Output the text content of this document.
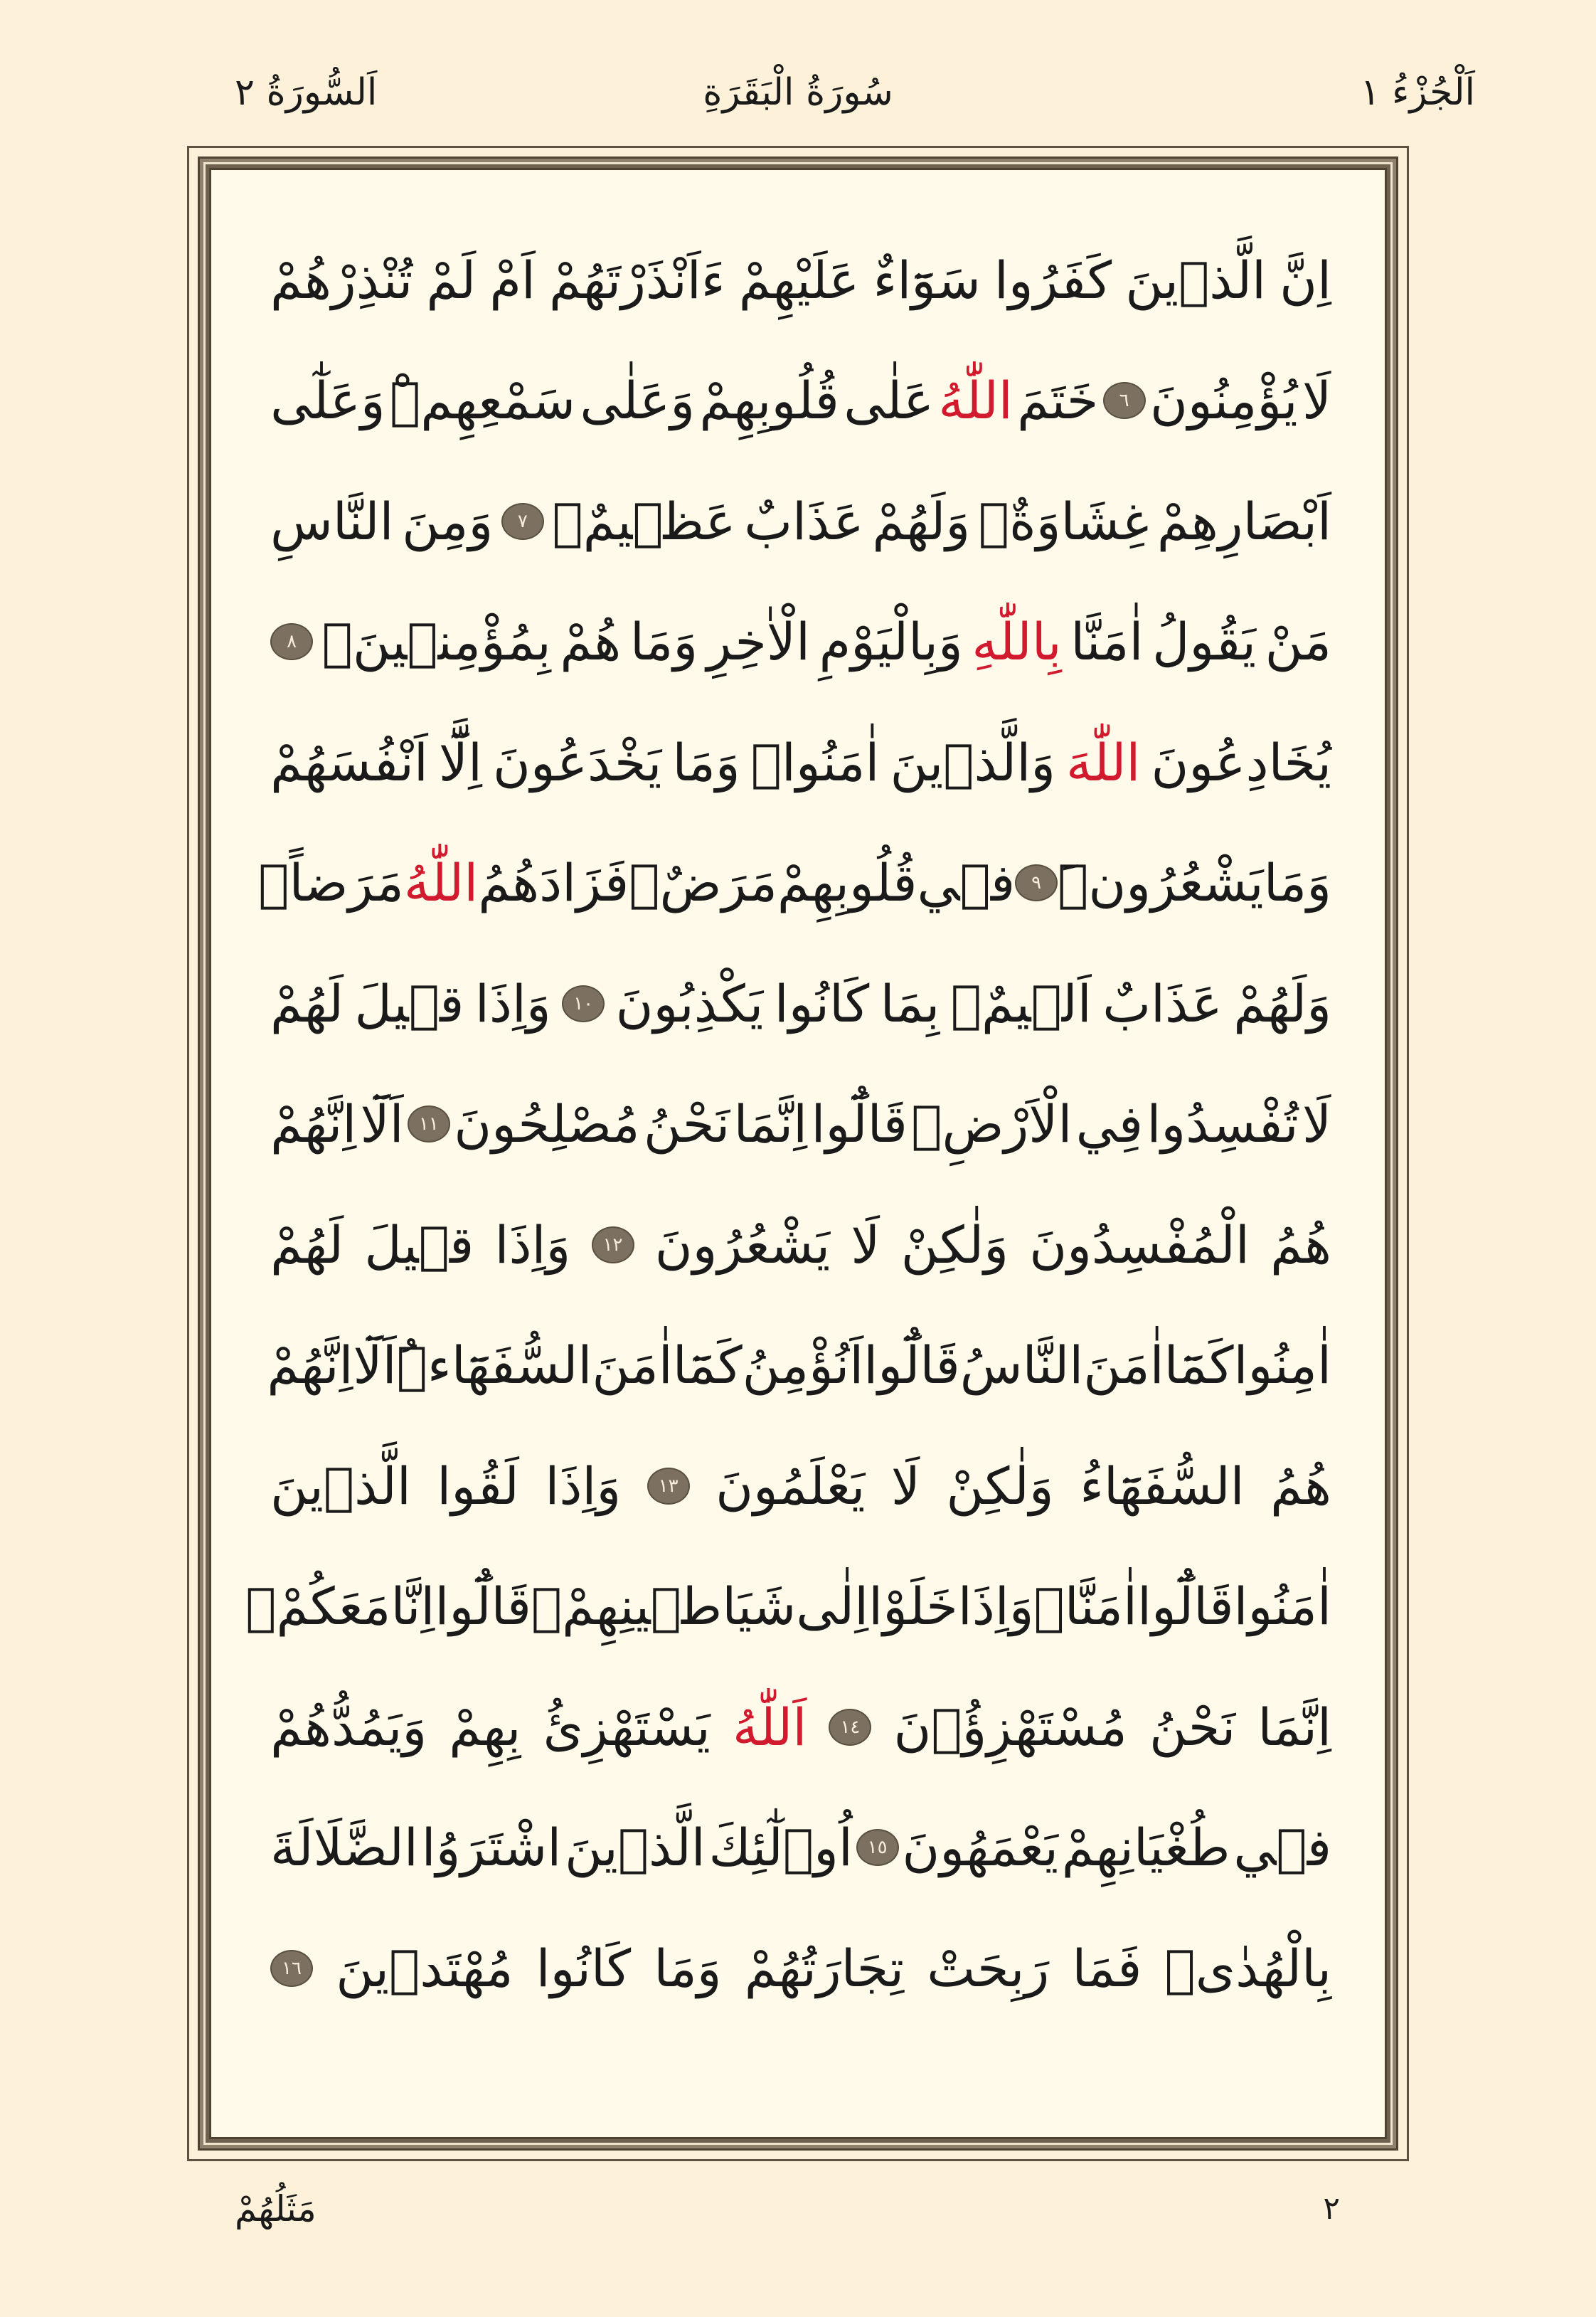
اَلْجُزْءُ ١
سُورَةُ الْبَقَرَةِ
اَلسُّورَةُ ٢
اِنَّ
الَّذ۪ينَ
كَفَرُوا
سَوَٓاءٌ
عَلَيْهِمْ
ءَاَنْذَرْتَهُمْ
اَمْ
لَمْ
تُنْذِرْهُمْ
لَا
يُؤْمِنُونَ
٦
خَتَمَ
اللّٰهُ
عَلٰى
قُلُوبِهِمْ
وَعَلٰى
سَمْعِهِمْۜ
وَعَلٰٓى
اَبْصَارِهِمْ
غِشَاوَةٌۘ
وَلَهُمْ
عَذَابٌ
عَظ۪يمٌ۟
٧
وَمِنَ
النَّاسِ
مَنْ
يَقُولُ
اٰمَنَّا
بِاللّٰهِ
وَبِالْيَوْمِ
الْاٰخِرِ
وَمَا
هُمْ
بِمُؤْمِن۪ينَۢ
٨
يُخَادِعُونَ
اللّٰهَ
وَالَّذ۪ينَ
اٰمَنُواۚ
وَمَا
يَخْدَعُونَ
اِلَّٓا
اَنْفُسَهُمْ
وَمَا
يَشْعُرُونَۜ
٩
ف۪ي
قُلُوبِهِمْ
مَرَضٌۙ
فَزَادَهُمُ
اللّٰهُ
مَرَضاًۚ
وَلَهُمْ
عَذَابٌ
اَل۪يمٌۙ
بِمَا
كَانُوا
يَكْذِبُونَ
١٠
وَاِذَا
ق۪يلَ
لَهُمْ
لَا
تُفْسِدُوا
فِي
الْاَرْضِۙ
قَالُٓوا
اِنَّمَا
نَحْنُ
مُصْلِحُونَ
١١
اَلَٓا
اِنَّهُمْ
هُمُ
الْمُفْسِدُونَ
وَلٰكِنْ
لَا
يَشْعُرُونَ
١٢
وَاِذَا
ق۪يلَ
لَهُمْ
اٰمِنُوا
كَمَٓا
اٰمَنَ
النَّاسُ
قَالُٓوا
اَنُؤْمِنُ
كَمَٓا
اٰمَنَ
السُّفَهَٓاءُۜ
اَلَٓا
اِنَّهُمْ
هُمُ
السُّفَهَٓاءُ
وَلٰكِنْ
لَا
يَعْلَمُونَ
١٣
وَاِذَا
لَقُوا
الَّذ۪ينَ
اٰمَنُوا
قَالُٓوا
اٰمَنَّاۚ
وَاِذَا
خَلَوْا
اِلٰى
شَيَاط۪ينِهِمْۙ
قَالُٓوا
اِنَّا
مَعَكُمْۙ
اِنَّمَا
نَحْنُ
مُسْتَهْزِؤُ۫نَ
١٤
اَللّٰهُ
يَسْتَهْزِئُ
بِهِمْ
وَيَمُدُّهُمْ
ف۪ي
طُغْيَانِهِمْ
يَعْمَهُونَ
١٥
اُو۬لٰٓئِكَ
الَّذ۪ينَ
اشْتَرَوُا
الضَّلَالَةَ
بِالْهُدٰىۖ
فَمَا
رَبِحَتْ
تِجَارَتُهُمْ
وَمَا
كَانُوا
مُهْتَد۪ينَ
١٦
٢
مَثَلُهُمْ
